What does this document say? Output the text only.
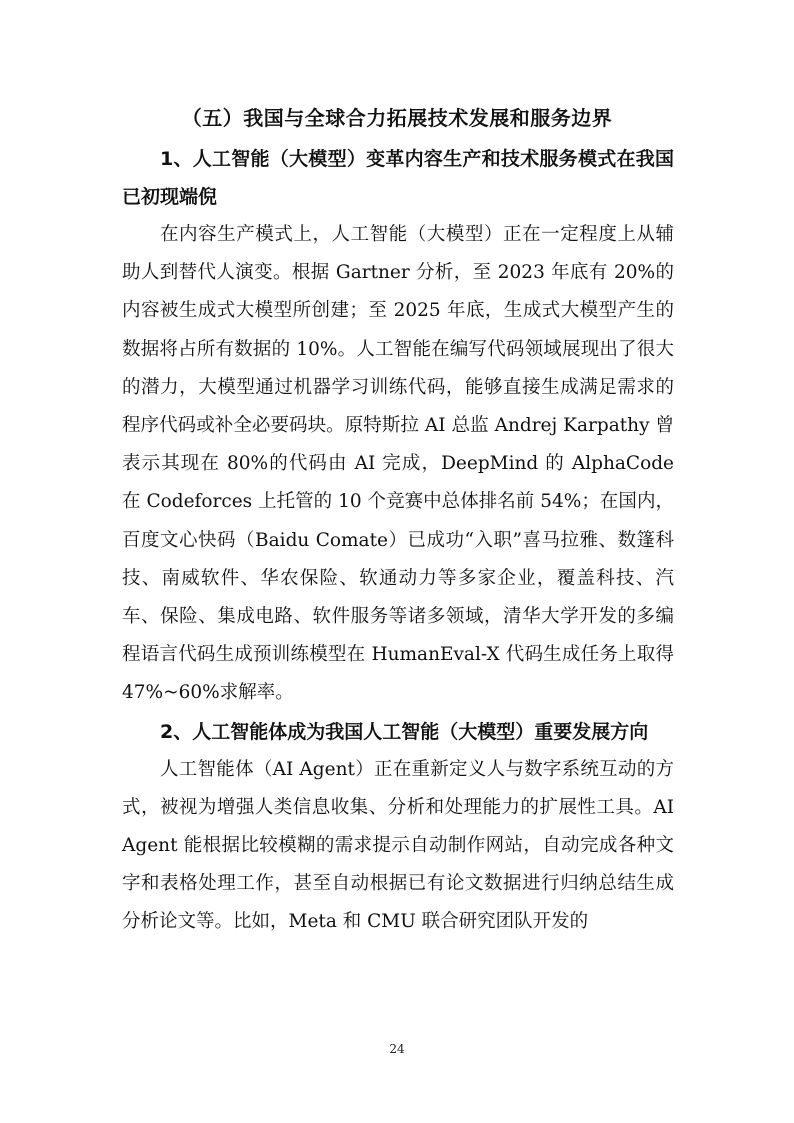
（五）我国与全球合力拓展技术发展和服务边界
1、人工智能（大模型）变革内容生产和技术服务模式在我国已初现端倪

在内容生产模式上，人工智能（大模型）正在一定程度上从辅助人到替代人演变。根据 Gartner 分析，至 2023 年底有 20%的内容被生成式大模型所创建；至 2025 年底，生成式大模型产生的数据将占所有数据的 10%。人工智能在编写代码领域展现出了很大的潜力，大模型通过机器学习训练代码，能够直接生成满足需求的程序代码或补全必要码块。原特斯拉 AI 总监 Andrej Karpathy 曾表示其现在 80%的代码由 AI 完成，DeepMind 的 AlphaCode 在 Codeforces 上托管的 10 个竞赛中总体排名前 54%；在国内，百度文心快码（Baidu Comate）已成功“入职”喜马拉雅、数篷科技、南威软件、华农保险、软通动力等多家企业，覆盖科技、汽车、保险、集成电路、软件服务等诸多领域，清华大学开发的多编程语言代码生成预训练模型在 HumanEval-X 代码生成任务上取得 47%~60%求解率。

2、人工智能体成为我国人工智能（大模型）重要发展方向

人工智能体（AI Agent）正在重新定义人与数字系统互动的方式，被视为增强人类信息收集、分析和处理能力的扩展性工具。AI Agent 能根据比较模糊的需求提示自动制作网站，自动完成各种文字和表格处理工作，甚至自动根据已有论文数据进行归纳总结生成分析论文等。比如，Meta 和 CMU 联合研究团队开发的

24
